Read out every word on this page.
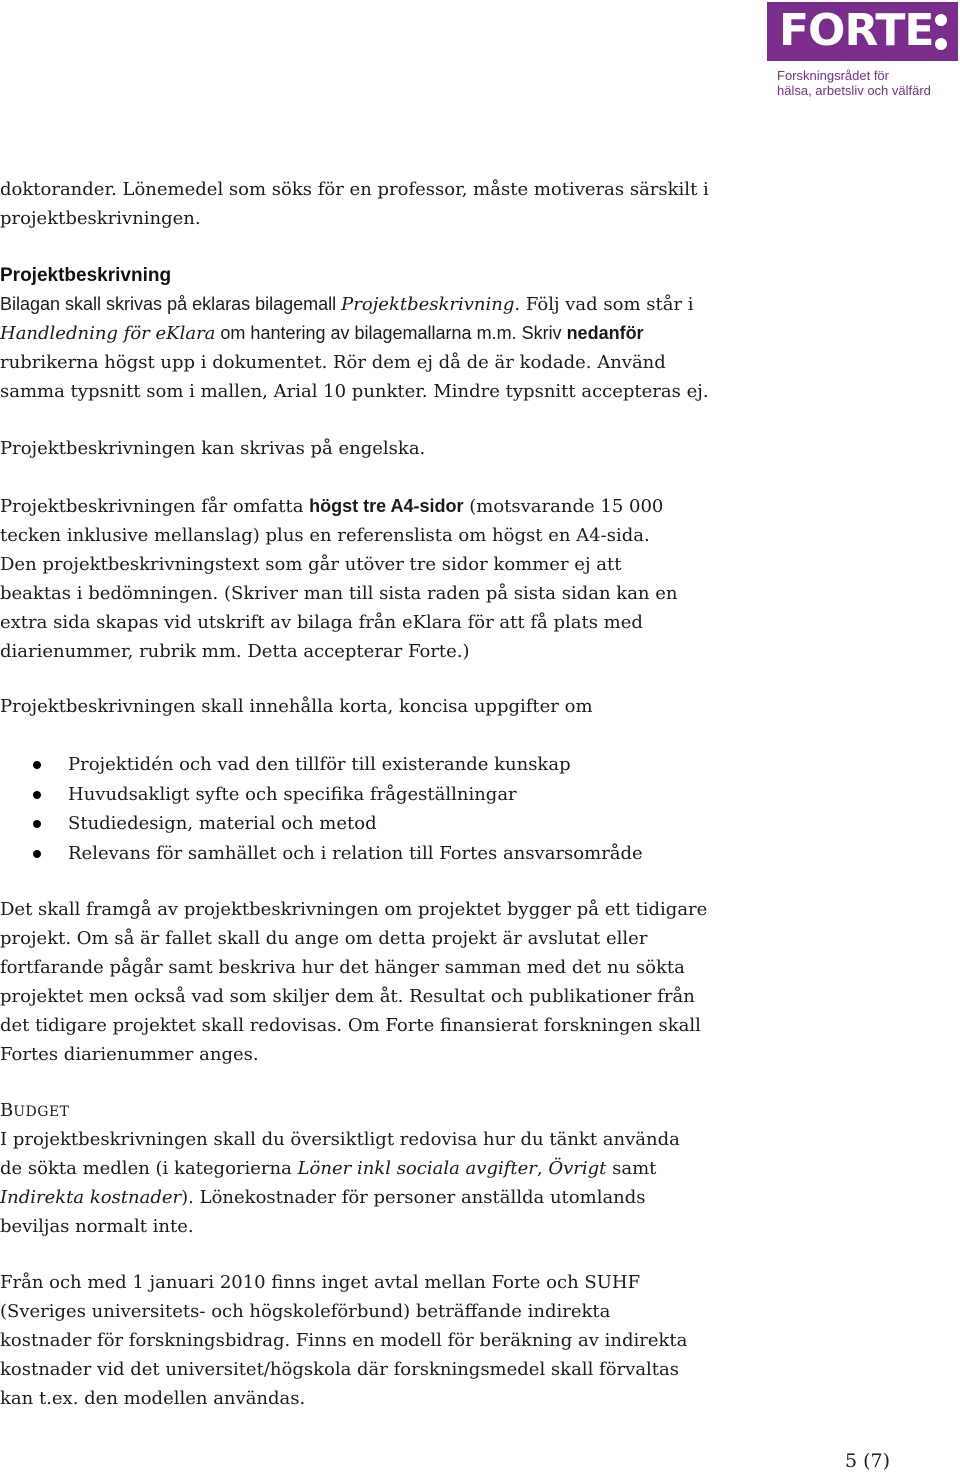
FORTE
Forskningsrådet för
hälsa, arbetsliv och välfärd
doktorander. Lönemedel som söks för en professor, måste motiveras särskilt i
projektbeskrivningen.
Projektbeskrivning

Bilagan skall skrivas på eklaras bilagemall Projektbeskrivning. Följ vad som står i Handledning för eKlara om hantering av bilagemallarna m.m. Skriv nedanför rubrikerna högst upp i dokumentet. Rör dem ej då de är kodade. Använd samma typsnitt som i mallen, Arial 10 punkter. Mindre typsnitt accepteras ej.

Projektbeskrivningen kan skrivas på engelska.

Projektbeskrivningen får omfatta högst tre A4-sidor (motsvarande 15 000 tecken inklusive mellanslag) plus en referenslista om högst en A4-sida. Den projektbeskrivningstext som går utöver tre sidor kommer ej att beaktas i bedömningen. (Skriver man till sista raden på sista sidan kan en extra sida skapas vid utskrift av bilaga från eKlara för att få plats med diarienummer, rubrik mm. Detta accepterar Forte.)

Projektbeskrivningen skall innehålla korta, koncisa uppgifter om
Projektidén och vad den tillför till existerande kunskap
Huvudsakligt syfte och specifika frågeställningar
Studiedesign, material och metod
Relevans för samhället och i relation till Fortes ansvarsområde
Det skall framgå av projektbeskrivningen om projektet bygger på ett tidigare projekt. Om så är fallet skall du ange om detta projekt är avslutat eller fortfarande pågår samt beskriva hur det hänger samman med det nu sökta projektet men också vad som skiljer dem åt. Resultat och publikationer från det tidigare projektet skall redovisas. Om Forte finansierat forskningen skall Fortes diarienummer anges.
BUDGET

I projektbeskrivningen skall du översiktligt redovisa hur du tänkt använda de sökta medlen (i kategorierna Löner inkl sociala avgifter, Övrigt samt Indirekta kostnader). Lönekostnader för personer anställda utomlands beviljas normalt inte.

Från och med 1 januari 2010 finns inget avtal mellan Forte och SUHF (Sveriges universitets- och högskoleförbund) beträffande indirekta kostnader för forskningsbidrag. Finns en modell för beräkning av indirekta kostnader vid det universitet/högskola där forskningsmedel skall förvaltas kan t.ex. den modellen användas.
5 (7)
